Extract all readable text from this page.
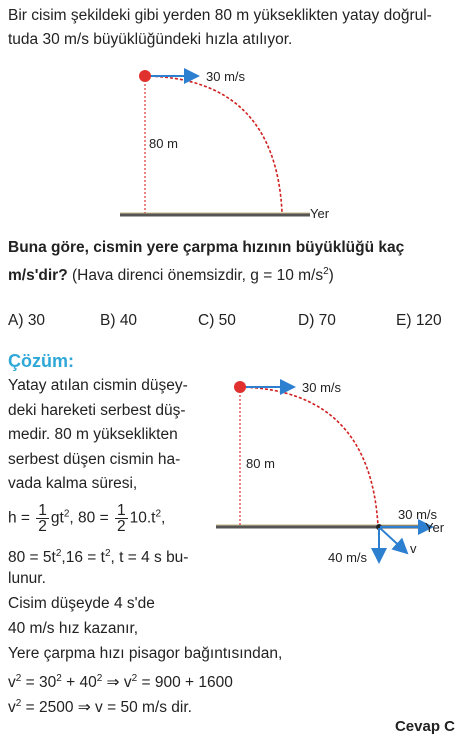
Bir cisim şekildeki gibi yerden 80 m yükseklikten yatay doğrul-
tuda 30 m/s büyüklüğündeki hızla atılıyor.
30 m/s
80 m
Yer
Buna göre, cismin yere çarpma hızının büyüklüğü kaç
m/s'dir? (Hava direnci önemsizdir, g = 10 $m/s^2$)
A) 30	B) 40	C) 50	D) 70	E) 120
Çözüm:
Yatay atılan cismin düşey-
deki hareketi serbest düş-
medir. 80 m yükseklikten
serbest düşen cismin ha-
vada kalma süresi,
$h = \frac{1}{2} gt^2$, $80 = \frac{1}{2} 10.t^2$,
$80 = 5t^2,16 = t^2$, t = 4 s bu-
lunur.
Cisim düşeyde 4 s'de
40 m/s hız kazanır,
Yere çarpma hızı pisagor bağıntısından,
$v^2 = 30^2 + 40^2$ ⇒ $v^2 = 900 + 1600$
$v^2 = 2500$ ⇒ v = 50 m/s dir.
30 m/s
80 m
30 m/s
Yer
40 m/s
v
Cevap C
